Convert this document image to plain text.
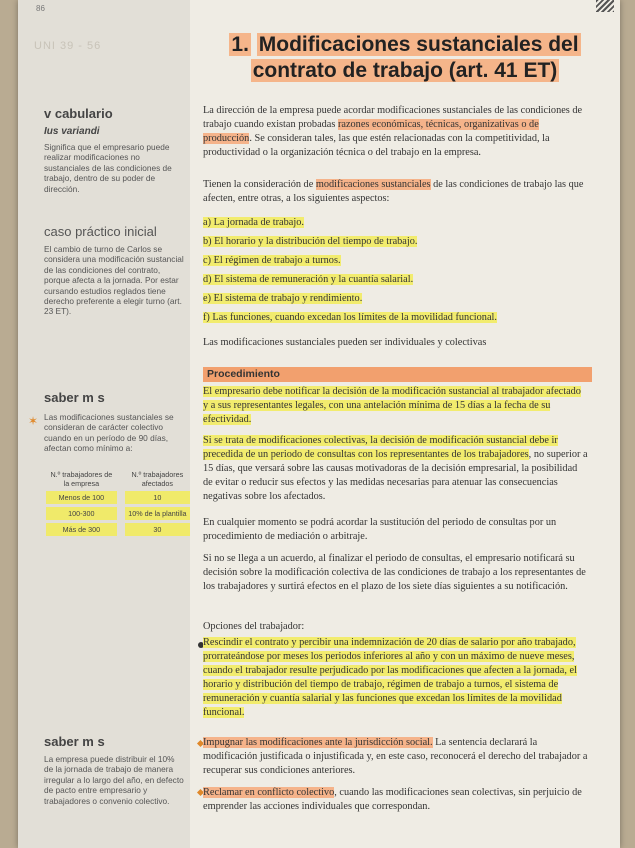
86
UNI 39 - 56
v cabulario
Ius variandi
Significa que el empresario puede realizar modificaciones no sustanciales de las condiciones de trabajo, dentro de su poder de dirección.
caso práctico inicial
El cambio de turno de Carlos se considera una modificación sustancial de las condiciones del contrato, porque afecta a la jornada. Por estar cursando estudios reglados tiene derecho preferente a elegir turno (art. 23 ET).
saber m s
✶ Las modificaciones sustanciales se consideran de carácter colectivo cuando en un período de 90 días, afectan como mínimo a:
N.º trabajadores de la empresa		N.º trabajadores afectados
Menos de 100		10
100-300		10% de la plantilla
Más de 300		30
saber m s
La empresa puede distribuir el 10% de la jornada de trabajo de manera irregular a lo largo del año, en defecto de pacto entre empresario y trabajadores o convenio colectivo.
1. Modificaciones sustanciales del
contrato de trabajo (art. 41 ET)
La dirección de la empresa puede acordar modificaciones sustanciales de las condiciones de trabajo cuando existan probadas razones económicas, técnicas, organizativas o de producción. Se consideran tales, las que estén relacionadas con la competitividad, la productividad o la organización técnica o del trabajo en la empresa.
Tienen la consideración de modificaciones sustanciales de las condiciones de trabajo las que afecten, entre otras, a los siguientes aspectos:
a) La jornada de trabajo.
b) El horario y la distribución del tiempo de trabajo.
c) El régimen de trabajo a turnos.
d) El sistema de remuneración y la cuantía salarial.
e) El sistema de trabajo y rendimiento.
f) Las funciones, cuando excedan los límites de la movilidad funcional.
Las modificaciones sustanciales pueden ser individuales y colectivas
Procedimiento
El empresario debe notificar la decisión de la modificación sustancial al trabajador afectado y a sus representantes legales, con una antelación mínima de 15 días a la fecha de su efectividad.
Si se trata de modificaciones colectivas, la decisión de modificación sustancial debe ir precedida de un periodo de consultas con los representantes de los trabajadores, no superior a 15 días, que versará sobre las causas motivadoras de la decisión empresarial, la posibilidad de evitar o reducir sus efectos y las medidas necesarias para atenuar las consecuencias negativas sobre los afectados.
En cualquier momento se podrá acordar la sustitución del periodo de consultas por un procedimiento de mediación o arbitraje.
Si no se llega a un acuerdo, al finalizar el periodo de consultas, el empresario notificará su decisión sobre la modificación colectiva de las condiciones de trabajo a los representantes de los trabajadores y surtirá efectos en el plazo de los siete días siguientes a su notificación.
Opciones del trabajador:
Rescindir el contrato y percibir una indemnización de 20 días de salario por año trabajado, prorrateándose por meses los periodos inferiores al año y con un máximo de nueve meses, cuando el trabajador resulte perjudicado por las modificaciones que afecten a la jornada, el horario y distribución del tiempo de trabajo, régimen de trabajo a turnos, el sistema de remuneración y cuantía salarial y las funciones que excedan los límites de la movilidad funcional.
Impugnar las modificaciones ante la jurisdicción social. La sentencia declarará la modificación justificada o injustificada y, en este caso, reconocerá el derecho del trabajador a recuperar sus condiciones anteriores.
Reclamar en conflicto colectivo, cuando las modificaciones sean colectivas, sin perjuicio de emprender las acciones individuales que correspondan.
